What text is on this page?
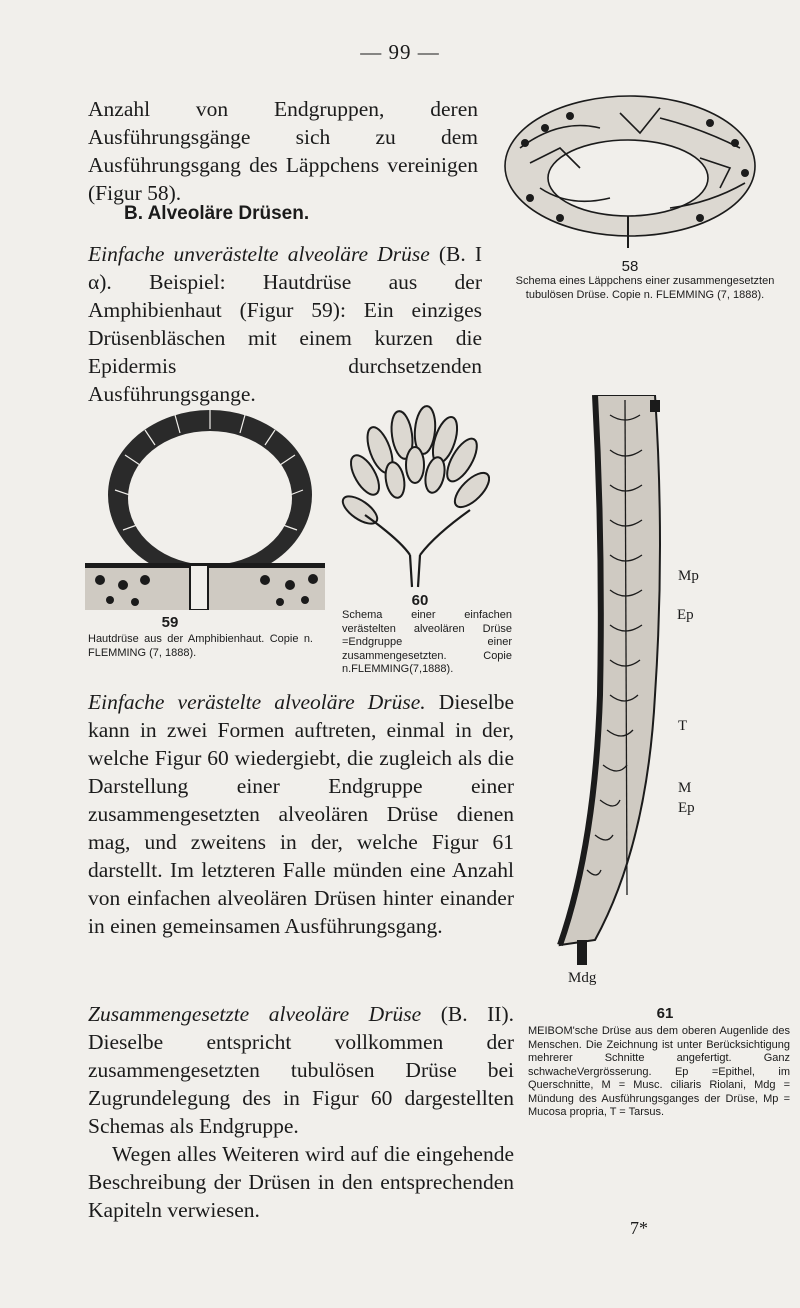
— 99 —

Anzahl von Endgruppen, deren Ausführungsgänge sich zu dem Ausführungsgang des Läppchens vereinigen (Figur 58).

58

Schema eines Läppchens einer zusammengesetzten tubulösen Drüse. Copie n. FLEMMING (7, 1888).

B. Alveoläre Drüsen.

Einfache unverästelte alveoläre Drüse (B. I α). Beispiel: Hautdrüse aus der Amphibienhaut (Figur 59): Ein einziges Drüsenbläschen mit einem kurzen die Epidermis durchsetzenden Ausführungsgange.

59

Hautdrüse aus der Amphibienhaut. Copie n. FLEMMING (7, 1888).

60

Schema einer einfachen verästelten alveolären Drüse =Endgruppe einer zusammengesetzten. Copie n.FLEMMING(7,1888).

Mp
Ep
T
M
Ep
Mdg
61

MEIBOM'sche Drüse aus dem oberen Augenlide des Menschen. Die Zeichnung ist unter Berücksichtigung mehrerer Schnitte angefertigt. Ganz schwacheVergrösserung. Ep =Epithel, im Querschnitte, M = Musc. ciliaris Riolani, Mdg = Mündung des Ausführungsganges der Drüse, Mp = Mucosa propria, T = Tarsus.

Einfache verästelte alveoläre Drüse. Dieselbe kann in zwei Formen auftreten, einmal in der, welche Figur 60 wiedergiebt, die zugleich als die Darstellung einer Endgruppe einer zusammengesetzten alveolären Drüse dienen mag, und zweitens in der, welche Figur 61 darstellt. Im letzteren Falle münden eine Anzahl von einfachen alveolären Drüsen hinter einander in einen gemeinsamen Ausführungsgang.

Zusammengesetzte alveoläre Drüse (B. II). Dieselbe entspricht vollkommen der zusammengesetzten tubulösen Drüse bei Zugrundelegung des in Figur 60 dargestellten Schemas als Endgruppe.

Wegen alles Weiteren wird auf die eingehende Beschreibung der Drüsen in den entsprechenden Kapiteln verwiesen.

7*
